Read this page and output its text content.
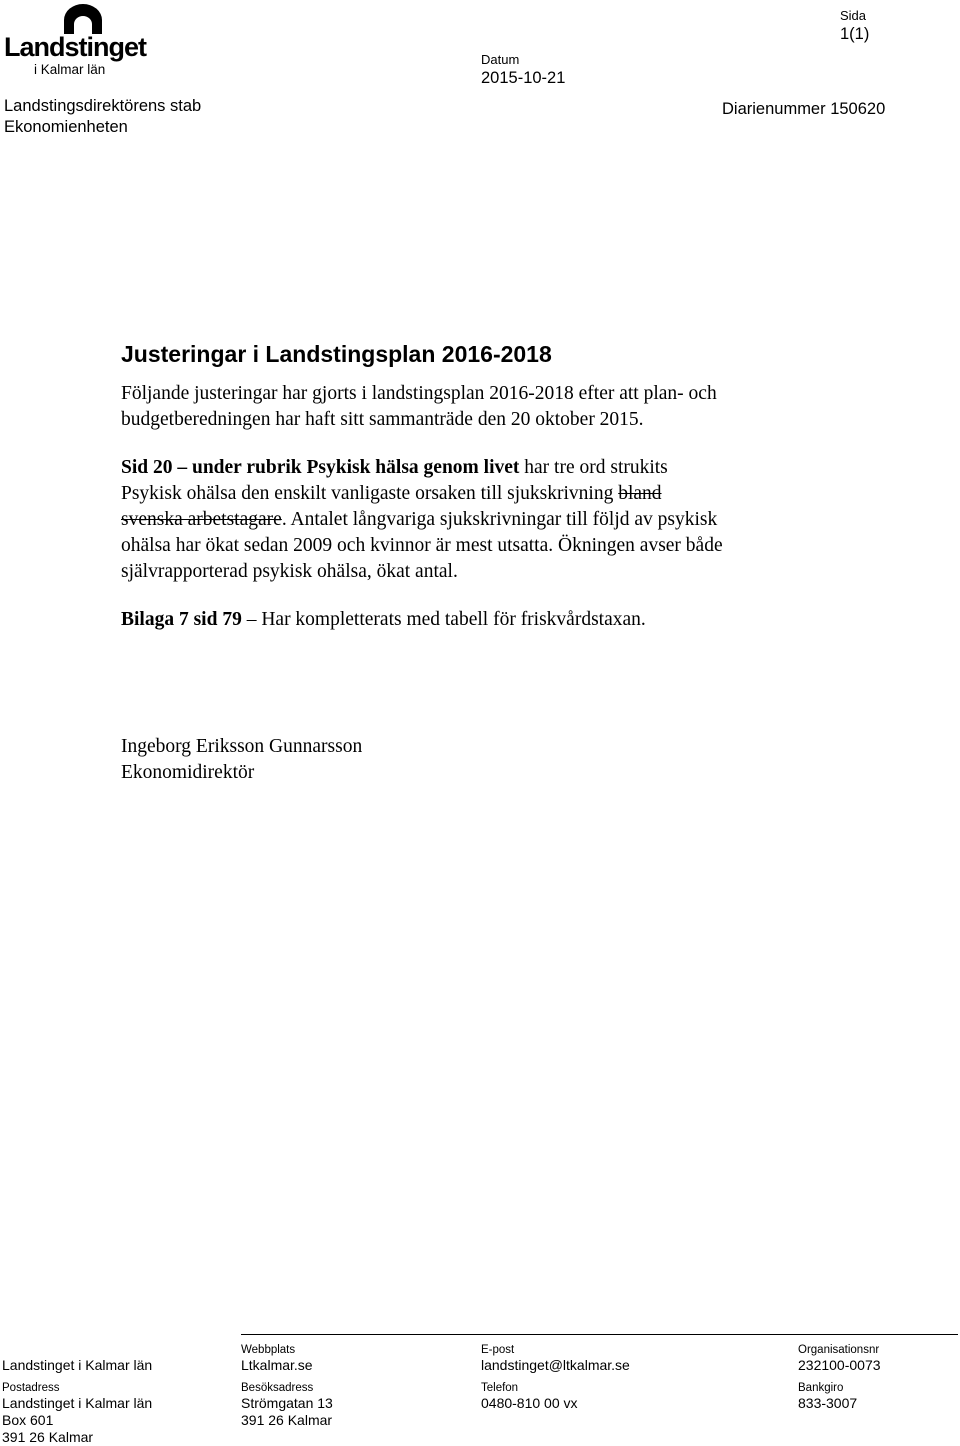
Landstinget
i Kalmar län
Landstingsdirektörens stab
Ekonomienheten
Datum
2015-10-21
Sida
1(1)
Diarienummer 150620
Justeringar i Landstingsplan 2016-2018
Följande justeringar har gjorts i landstingsplan 2016-2018 efter att plan- och
budgetberedningen har haft sitt sammanträde den 20 oktober 2015.
Sid 20 – under rubrik Psykisk hälsa genom livet har tre ord strukits
Psykisk ohälsa den enskilt vanligaste orsaken till sjukskrivning bland
svenska arbetstagare. Antalet långvariga sjukskrivningar till följd av psykisk
ohälsa har ökat sedan 2009 och kvinnor är mest utsatta. Ökningen avser både
självrapporterad psykisk ohälsa, ökat antal.
Bilaga 7 sid 79 – Har kompletterats med tabell för friskvårdstaxan.
Ingeborg Eriksson Gunnarsson
Ekonomidirektör
Landstinget i Kalmar län
Webbplats
Ltkalmar.se
E-post
landstinget@ltkalmar.se
Organisationsnr
232100-0073
Postadress
Landstinget i Kalmar län
Box 601
391 26 Kalmar
Besöksadress
Strömgatan 13
391 26 Kalmar
Telefon
0480-810 00 vx
Bankgiro
833-3007
